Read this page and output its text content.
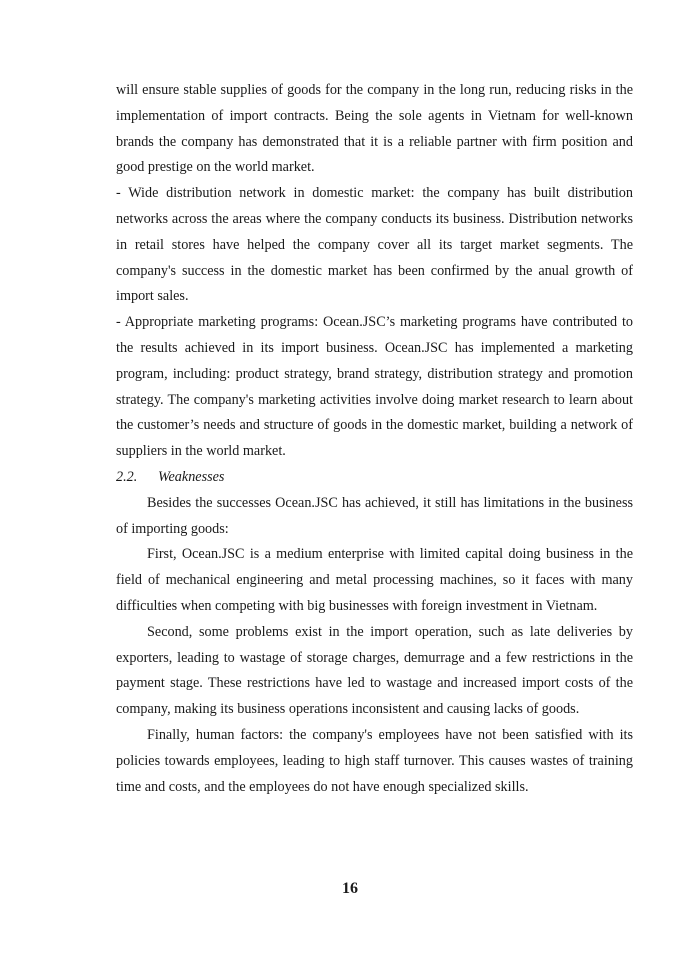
will ensure stable supplies of goods for the company in the long run, reducing risks in the implementation of import contracts. Being the sole agents in Vietnam for well-known brands the company has demonstrated that it is a reliable partner with firm position and good prestige on the world market.

- Wide distribution network in domestic market: the company has built distribution networks across the areas where the company conducts its business. Distribution networks in retail stores have helped the company cover all its target market segments. The company's success in the domestic market has been confirmed by the anual growth of import sales.

- Appropriate marketing programs: Ocean.JSC’s marketing programs have contributed to the results achieved in its import business. Ocean.JSC has implemented a marketing program, including: product strategy, brand strategy, distribution strategy and promotion strategy. The company's marketing activities involve doing market research to learn about the customer’s needs and structure of goods in the domestic market, building a network of suppliers in the world market.

2.2. Weaknesses

Besides the successes Ocean.JSC has achieved, it still has limitations in the business of importing goods:

First, Ocean.JSC is a medium enterprise with limited capital doing business in the field of mechanical engineering and metal processing machines, so it faces with many difficulties when competing with big businesses with foreign investment in Vietnam.

Second, some problems exist in the import operation, such as late deliveries by exporters, leading to wastage of storage charges, demurrage and a few restrictions in the payment stage. These restrictions have led to wastage and increased import costs of the company, making its business operations inconsistent and causing lacks of goods.

Finally, human factors: the company's employees have not been satisfied with its policies towards employees, leading to high staff turnover. This causes wastes of training time and costs, and the employees do not have enough specialized skills.

16
